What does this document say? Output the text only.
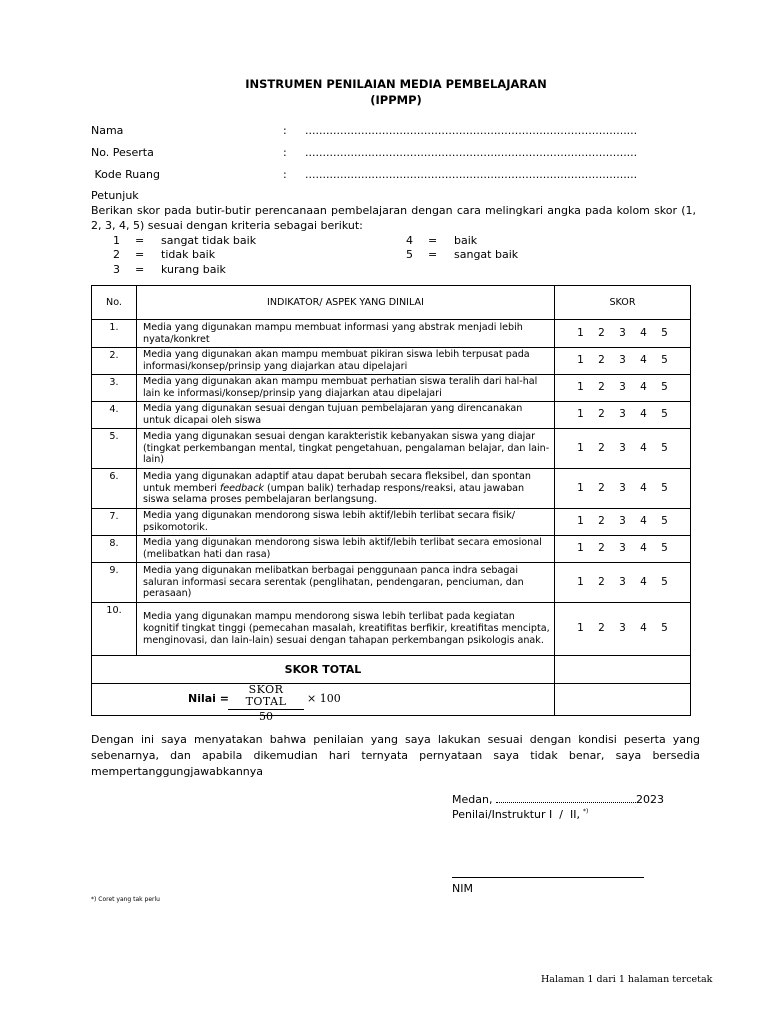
INSTRUMEN PENILAIAN MEDIA PEMBELAJARAN
(IPPMP)
Nama	: ...............................................................................................
No. Peserta	: ...............................................................................................
Kode Ruang	: ...............................................................................................
Petunjuk
Berikan skor pada butir-butir perencanaan pembelajaran dengan cara melingkari angka pada kolom skor (1, 2, 3, 4, 5) sesuai dengan kriteria sebagai berikut:
1 = sangat tidak baik
2 = tidak baik
3 = kurang baik
4 = baik
5 = sangat baik
No.	INDIKATOR/ ASPEK YANG DINILAI	SKOR
1.	Media yang digunakan mampu membuat informasi yang abstrak menjadi lebih nyata/konkret	1 2 3 4 5
2.	Media yang digunakan akan mampu membuat pikiran siswa lebih terpusat pada informasi/konsep/prinsip yang diajarkan atau dipelajari	1 2 3 4 5
3.	Media yang digunakan akan mampu membuat perhatian siswa teralih dari hal-hal lain ke informasi/konsep/prinsip yang diajarkan atau dipelajari	1 2 3 4 5
4.	Media yang digunakan sesuai dengan tujuan pembelajaran yang direncanakan untuk dicapai oleh siswa	1 2 3 4 5
5.	Media yang digunakan sesuai dengan karakteristik kebanyakan siswa yang diajar (tingkat perkembangan mental, tingkat pengetahuan, pengalaman belajar, dan lain-lain)	1 2 3 4 5
6.	Media yang digunakan adaptif atau dapat berubah secara fleksibel, dan spontan untuk memberi feedback (umpan balik) terhadap respons/reaksi, atau jawaban siswa selama proses pembelajaran berlangsung.	1 2 3 4 5
7.	Media yang digunakan mendorong siswa lebih aktif/lebih terlibat secara fisik/ psikomotorik.	1 2 3 4 5
8.	Media yang digunakan mendorong siswa lebih aktif/lebih terlibat secara emosional (melibatkan hati dan rasa)	1 2 3 4 5
9.	Media yang digunakan melibatkan berbagai penggunaan panca indra sebagai saluran informasi secara serentak (penglihatan, pendengaran, penciuman, dan perasaan)	1 2 3 4 5
10.	Media yang digunakan mampu mendorong siswa lebih terlibat pada kegiatan kognitif tingkat tinggi (pemecahan masalah, kreatifitas berfikir, kreatifitas mencipta, menginovasi, dan lain-lain) sesuai dengan tahapan perkembangan psikologis anak.	1 2 3 4 5
SKOR TOTAL		

Nilai =
SKOR TOTAL
50
× 100		

Dengan ini saya menyatakan bahwa penilaian yang saya lakukan sesuai dengan kondisi peserta yang sebenarnya, dan apabila dikemudian hari ternyata pernyataan saya tidak benar, saya bersedia mempertanggungjawabkannya
Medan,	2023
Penilai/Instruktur I  /  II, *)
NIM
*) Coret yang tak perlu
Halaman 1 dari 1 halaman tercetak
